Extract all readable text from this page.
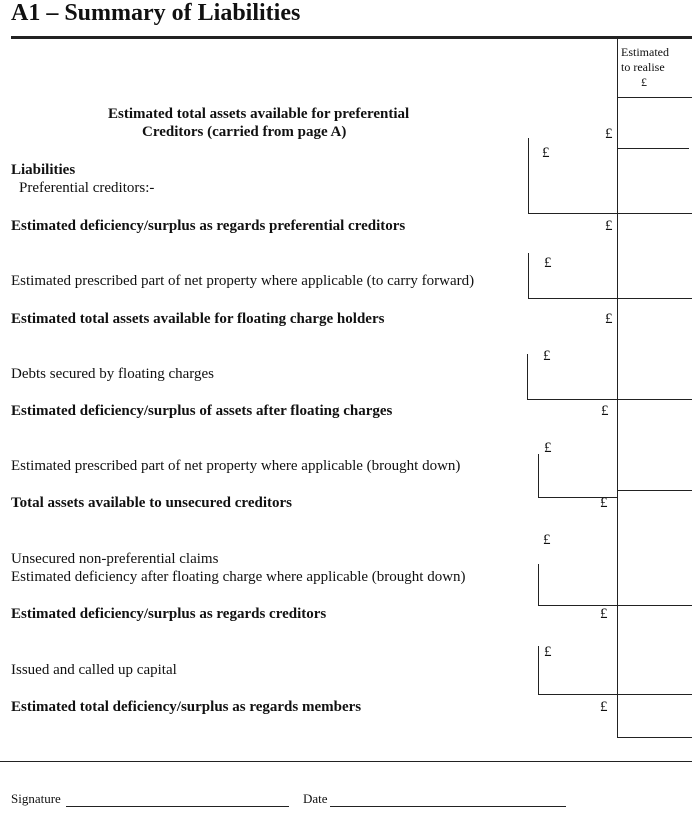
A1 – Summary of Liabilities
Estimated
to realise
£
Estimated total assets available for preferential
Creditors (carried from page A)	£
£
Liabilities
Preferential creditors:-
Estimated deficiency/surplus as regards preferential creditors	£
£
Estimated prescribed part of net property where applicable (to carry forward)
Estimated total assets available for floating charge holders	£
£
Debts secured by floating charges
Estimated deficiency/surplus of assets after floating charges	£
£
Estimated prescribed part of net property where applicable (brought down)
Total assets available to unsecured creditors	£
£
Unsecured non-preferential claims
Estimated deficiency after floating charge where applicable (brought down)
Estimated deficiency/surplus as regards creditors	£
£
Issued and called up capital
Estimated total deficiency/surplus as regards members	£
Signature	Date
